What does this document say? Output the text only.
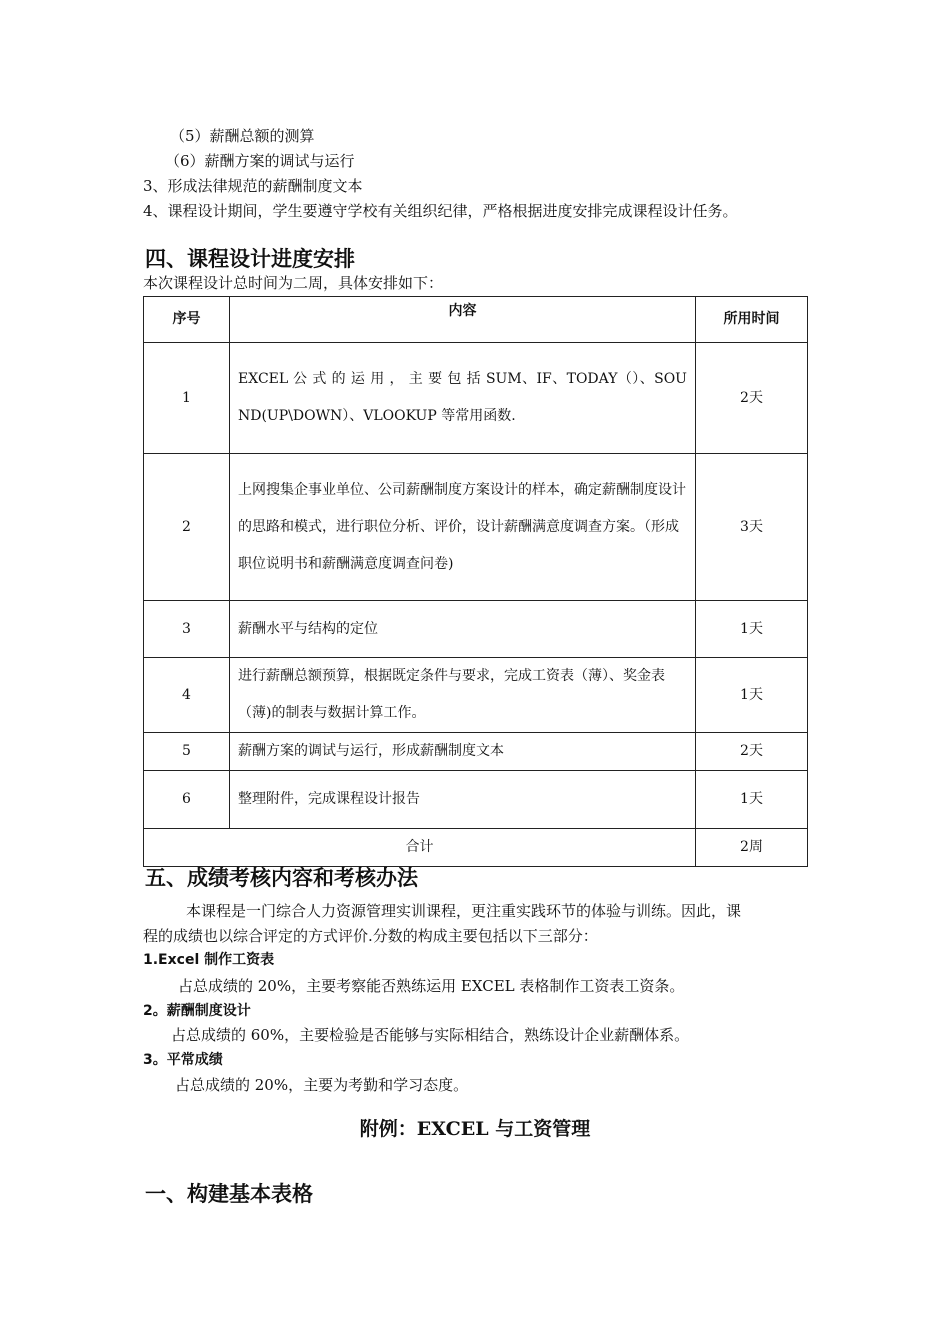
（5）薪酬总额的测算
（6）薪酬方案的调试与运行
3、形成法律规范的薪酬制度文本
4、课程设计期间，学生要遵守学校有关组织纪律，严格根据进度安排完成课程设计任务。
四、课程设计进度安排
本次课程设计总时间为二周，具体安排如下：
序号	内容	所用时间
1	EXCEL 公 式 的 运 用 ， 主 要 包 括 SUM、IF、TODAY（）、SOUND(UP\DOWN）、VLOOKUP 等常用函数.	2天
2	上网搜集企事业单位、公司薪酬制度方案设计的样本，确定薪酬制度设计的思路和模式，进行职位分析、评价，设计薪酬满意度调查方案。（形成职位说明书和薪酬满意度调查问卷)	3天
3	薪酬水平与结构的定位	1天
4	进行薪酬总额预算，根据既定条件与要求，完成工资表（薄）、奖金表（薄)的制表与数据计算工作。	1天
5	薪酬方案的调试与运行，形成薪酬制度文本	2天
6	整理附件，完成课程设计报告	1天
合计		2周
五、成绩考核内容和考核办法
本课程是一门综合人力资源管理实训课程，更注重实践环节的体验与训练。因此，课
程的成绩也以综合评定的方式评价.分数的构成主要包括以下三部分：
1.Excel 制作工资表
占总成绩的 20%，主要考察能否熟练运用 EXCEL 表格制作工资表工资条。
2。薪酬制度设计
占总成绩的 60%，主要检验是否能够与实际相结合，熟练设计企业薪酬体系。
3。平常成绩
占总成绩的 20%，主要为考勤和学习态度。
附例：EXCEL 与工资管理
一、构建基本表格
